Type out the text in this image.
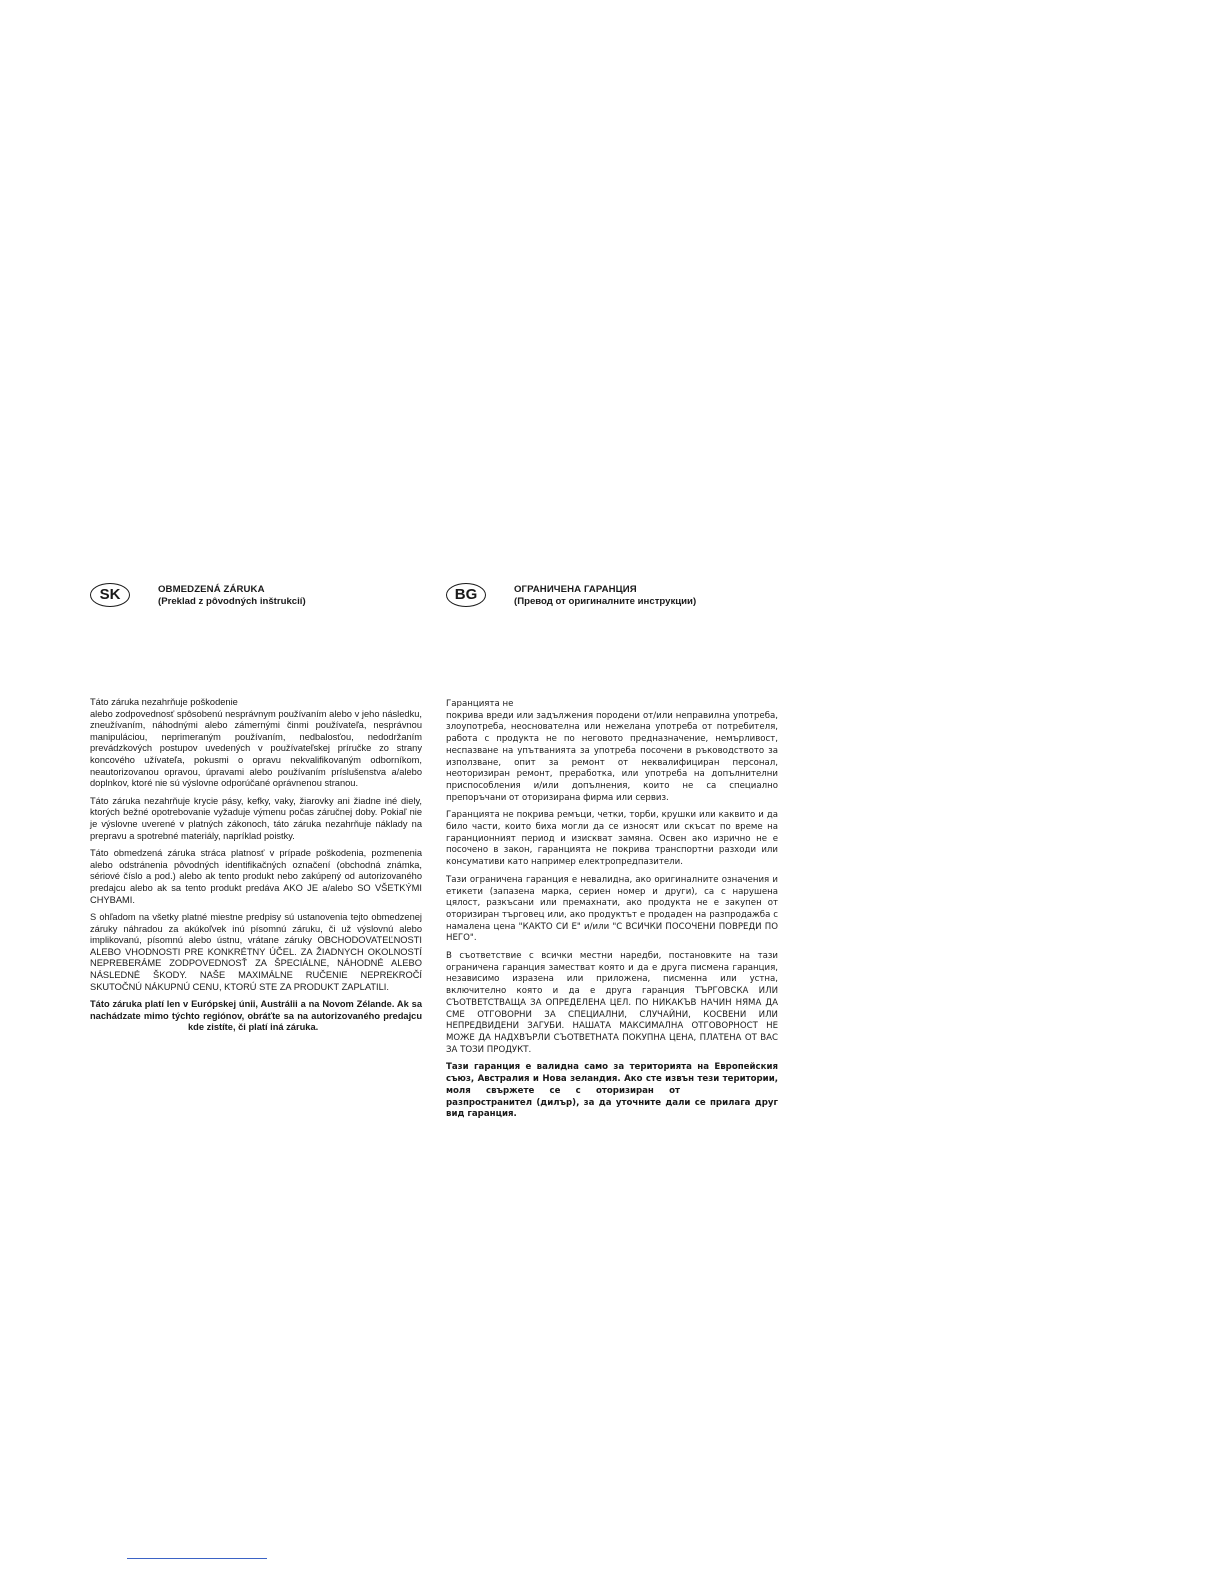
SK	OBMEDZENÁ ZÁRUKA
(Preklad z pôvodných inštrukcií)

Táto záruka nezahrňuje poškodenie

alebo zodpovednosť spôsobenú nesprávnym používaním alebo v jeho následku, zneužívaním, náhodnými alebo zámernými činmi používateľa, nesprávnou manipuláciou, neprimeraným používaním, nedbalosťou, nedodržaním prevádzkových postupov uvedených v používateľskej príručke zo strany koncového užívateľa, pokusmi o opravu nekvalifikovaným odborníkom, neautorizovanou opravou, úpravami alebo používaním príslušenstva a/alebo doplnkov, ktoré nie sú výslovne odporúčané oprávnenou stranou.

Táto záruka nezahrňuje krycie pásy, kefky, vaky, žiarovky ani žiadne iné diely, ktorých bežné opotrebovanie vyžaduje výmenu počas záručnej doby. Pokiaľ nie je výslovne uverené v platných zákonoch, táto záruka nezahrňuje náklady na prepravu a spotrebné materiály, napríklad poistky.

Táto obmedzená záruka stráca platnosť v prípade poškodenia, pozmenenia alebo odstránenia pôvodných identifikačných označení (obchodná známka, sériové číslo a pod.) alebo ak tento produkt nebo zakúpený od autorizovaného predajcu alebo ak sa tento produkt predáva AKO JE a/alebo SO VŠETKÝMI CHYBAMI.

S ohľadom na všetky platné miestne predpisy sú ustanovenia tejto obmedzenej záruky náhradou za akúkoľvek inú písomnú záruku, či už výslovnú alebo implikovanú, písomnú alebo ústnu, vrátane záruky OBCHODOVATEĽNOSTI ALEBO VHODNOSTI PRE KONKRÉTNY ÚČEL. ZA ŽIADNYCH OKOLNOSTÍ NEPREBERÁME ZODPOVEDNOSŤ ZA ŠPECIÁLNE, NÁHODNÉ ALEBO NÁSLEDNÉ ŠKODY. NAŠE MAXIMÁLNE RUČENIE NEPREKROČÍ SKUTOČNÚ NÁKUPNÚ CENU, KTORÚ STE ZA PRODUKT ZAPLATILI.

Táto záruka platí len v Európskej únii, Austrálii a na Novom Zélande. Ak sa nachádzate mimo týchto regiónov, obráťte sa na autorizovaného predajcukde zistíte, či platí iná záruka.

BG	ОГРАНИЧЕНА ГАРАНЦИЯ
(Превод от оригиналните инструкции)

Гаранцията не

покрива вреди или задължения породени от/или неправилна употреба, злоупотреба, неоснователна или нежелана употреба от потребителя, работа с продукта не по неговото предназначение, немърливост, неспазване на упътванията за употреба посочени в ръководството за използване, опит за ремонт от неквалифициран персонал, неоторизиран ремонт, преработка, или употреба на допълнителни приспособления и/или допълнения, които не са специално препоръчани от оторизирана фирма или сервиз.

Гаранцията не покрива ремъци, четки, торби, крушки или каквито и да било части, които биха могли да се износят или скъсат по време на гаранционният период и изискват замяна. Освен ако изрично не е посочено в закон, гаранцията не покрива транспортни разходи или консумативи като например електропредпазители.

Тази ограничена гаранция е невалидна, ако оригиналните означения и етикети (запазена марка, сериен номер и други), са с нарушена цялост, разкъсани или премахнати, ако продукта не е закупен от оторизиран търговец или, ако продуктът е продаден на разпродажба с намалена цена "КАКТО СИ Е" и/или "С ВСИЧКИ ПОСОЧЕНИ ПОВРЕДИ ПО НЕГО".

В съответствие с всички местни наредби, постановките на тази ограничена гаранция заместват която и да е друга писмена гаранция, независимо изразена или приложена, писменна или устна, включително която и да е друга гаранция ТЪРГОВСКА ИЛИ СЪОТВЕТСТВАЩА ЗА ОПРЕДЕЛЕНА ЦЕЛ. ПО НИКАКЪВ НАЧИН НЯМА ДА СМЕ ОТГОВОРНИ ЗА СПЕЦИАЛНИ, СЛУЧАЙНИ, КОСВЕНИ ИЛИ НЕПРЕДВИДЕНИ ЗАГУБИ. НАШАТА МАКСИМАЛНА ОТГОВОРНОСТ НЕ МОЖЕ ДА НАДХВЪРЛИ СЪОТВЕТНАТА ПОКУПНА ЦЕНА, ПЛАТЕНА ОТ ВАС ЗА ТОЗИ ПРОДУКТ.

Тази гаранция е валидна само за територията на Европейския съюз, Австралия и Нова зеландия. Ако сте извън тези територии, моля свържете се с оторизиран отразпространител (дилър), за да уточните дали се прилага друг вид гаранция.
